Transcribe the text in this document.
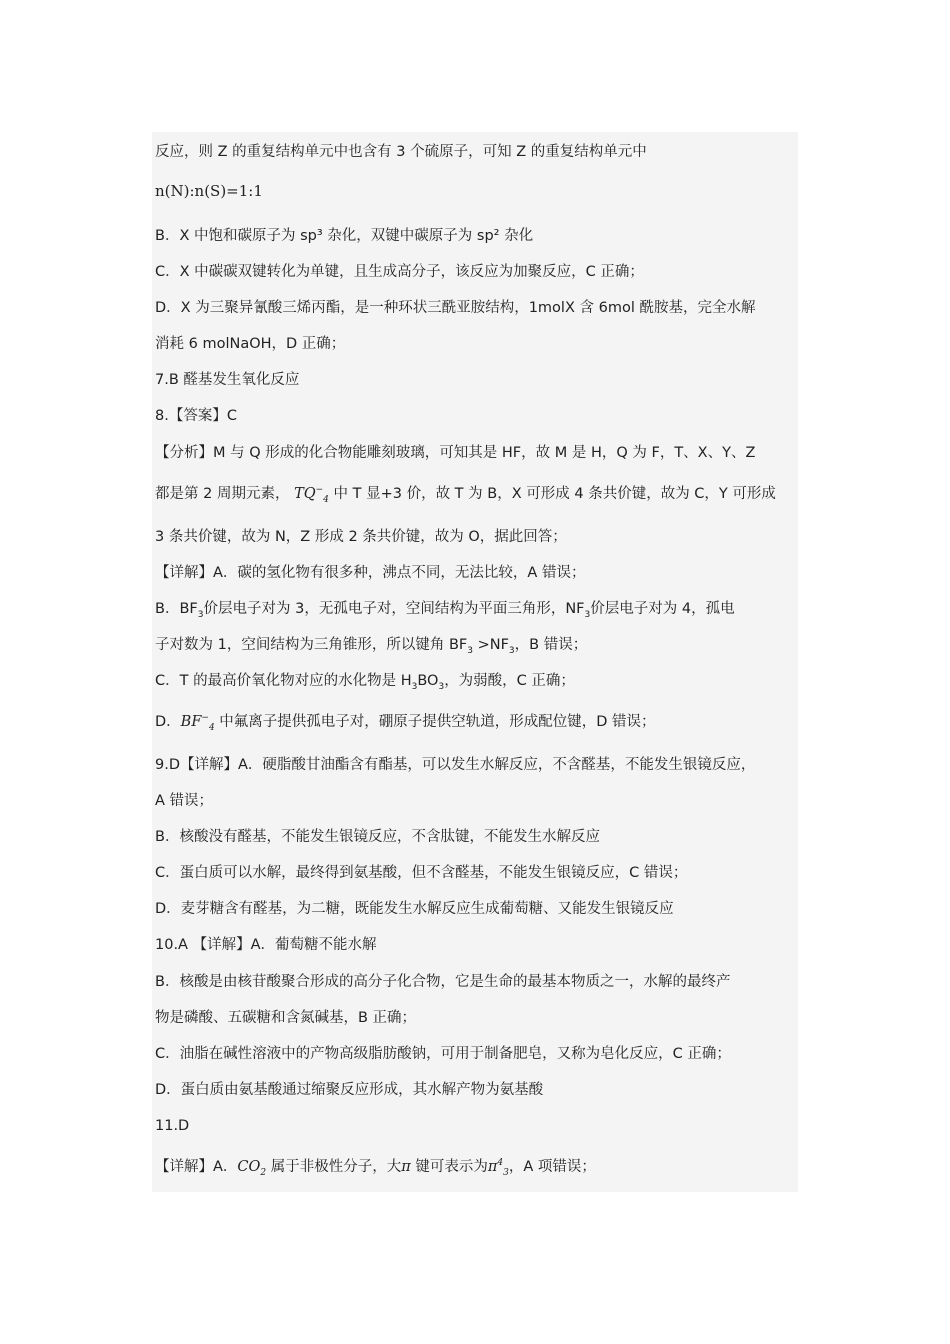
反应，则 Z 的重复结构单元中也含有 3 个硫原子，可知 Z 的重复结构单元中
n(N):n(S)=1:1
B．X 中饱和碳原子为 sp³ 杂化，双键中碳原子为 sp² 杂化
C．X 中碳碳双键转化为单键，且生成高分子，该反应为加聚反应，C 正确；
D．X 为三聚异氰酸三烯丙酯，是一种环状三酰亚胺结构，1molX 含 6mol 酰胺基，完全水解
消耗 6 molNaOH，D 正确；
7.B 醛基发生氧化反应
8.【答案】C
【分析】M 与 Q 形成的化合物能雕刻玻璃，可知其是 HF，故 M 是 H，Q 为 F，T、X、Y、Z
都是第 2 周期元素， $TQ^-_4$ 中 T 显+3 价，故 T 为 B，X 可形成 4 条共价键，故为 C，Y 可形成
3 条共价键，故为 N，Z 形成 2 条共价键，故为 O，据此回答；
【详解】A．碳的氢化物有很多种，沸点不同，无法比较，A 错误；
B．$BF_3$价层电子对为 3，无孤电子对，空间结构为平面三角形，$NF_3$价层电子对为 4，孤电
子对数为 1，空间结构为三角锥形，所以键角 $BF_3 >NF_3$，B 错误；
C．T 的最高价氧化物对应的水化物是 $H_3BO_3$，为弱酸，C 正确；
D．$BF^-_4$ 中氟离子提供孤电子对，硼原子提供空轨道，形成配位键，D 错误；
9.D【详解】A．硬脂酸甘油酯含有酯基，可以发生水解反应，不含醛基，不能发生银镜反应，
A 错误；
B．核酸没有醛基，不能发生银镜反应，不含肽键，不能发生水解反应
C．蛋白质可以水解，最终得到氨基酸，但不含醛基，不能发生银镜反应，C 错误；
D．麦芽糖含有醛基，为二糖，既能发生水解反应生成葡萄糖、又能发生银镜反应
10.A 【详解】A．葡萄糖不能水解
B．核酸是由核苷酸聚合形成的高分子化合物，它是生命的最基本物质之一，水解的最终产
物是磷酸、五碳糖和含氮碱基，B 正确；
C．油脂在碱性溶液中的产物高级脂肪酸钠，可用于制备肥皂，又称为皂化反应，C 正确；
D．蛋白质由氨基酸通过缩聚反应形成，其水解产物为氨基酸
11.D
【详解】A．$CO_2$ 属于非极性分子，大π 键可表示为$\pi^4_3$，A 项错误；
